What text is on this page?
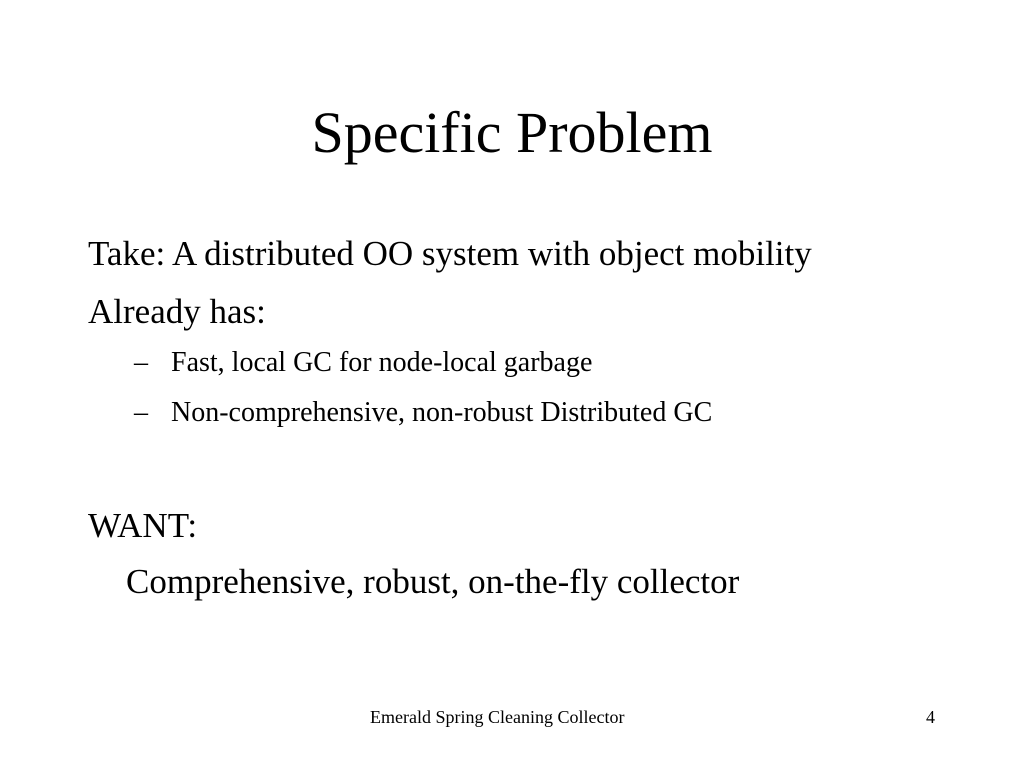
Specific Problem
Take: A distributed OO system with object mobility
Already has:
– Fast, local GC for node-local garbage
– Non-comprehensive, non-robust Distributed GC
WANT:
Comprehensive, robust, on-the-fly collector
Emerald Spring Cleaning Collector	4
